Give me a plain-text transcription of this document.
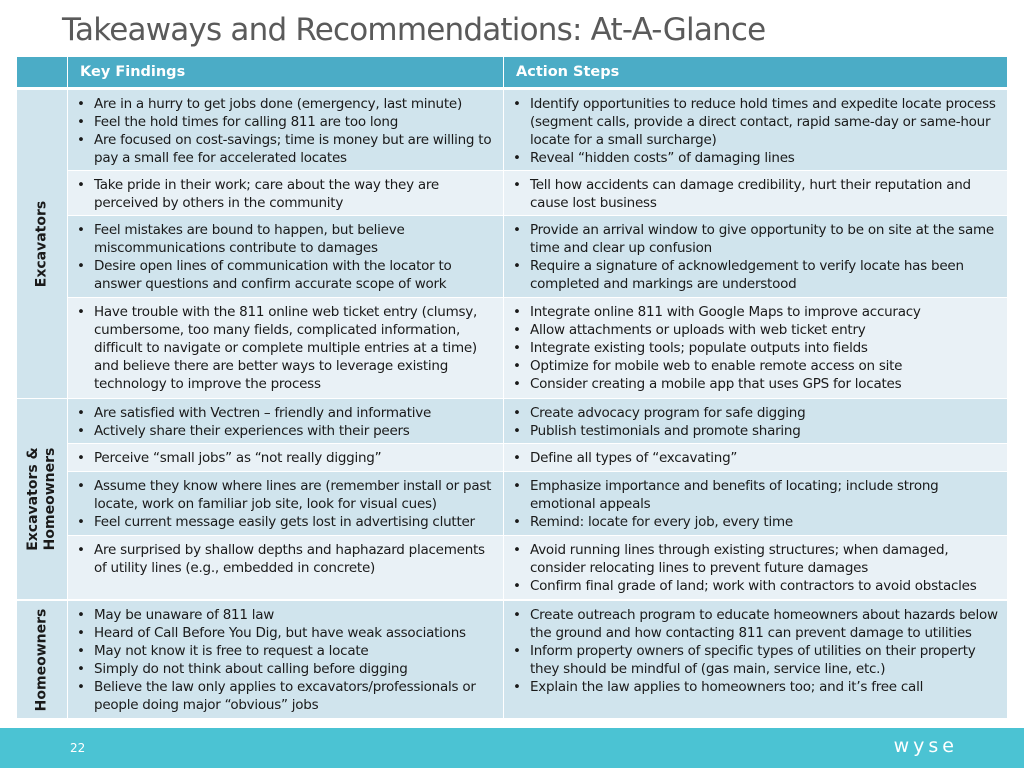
Takeaways and Recommendations: At-A-Glance
Key Findings	Action Steps
Excavators
Excavators & Homeowners
Homeowners
• Are in a hurry to get jobs done (emergency, last minute)
• Feel the hold times for calling 811 are too long
• Are focused on cost-savings; time is money but are willing to pay a small fee for accelerated locates
• Identify opportunities to reduce hold times and expedite locate process (segment calls, provide a direct contact, rapid same-day or same-hour locate for a small surcharge)
• Reveal “hidden costs” of damaging lines
• Take pride in their work; care about the way they are perceived by others in the community
• Tell how accidents can damage credibility, hurt their reputation and cause lost business
• Feel mistakes are bound to happen, but believe miscommunications contribute to damages
• Desire open lines of communication with the locator to answer questions and confirm accurate scope of work
• Provide an arrival window to give opportunity to be on site at the same time and clear up confusion
• Require a signature of acknowledgement to verify locate has been completed and markings are understood
• Have trouble with the 811 online web ticket entry (clumsy, cumbersome, too many fields, complicated information, difficult to navigate or complete multiple entries at a time) and believe there are better ways to leverage existing technology to improve the process
• Integrate online 811 with Google Maps to improve accuracy
• Allow attachments or uploads with web ticket entry
• Integrate existing tools; populate outputs into fields
• Optimize for mobile web to enable remote access on site
• Consider creating a mobile app that uses GPS for locates
• Are satisfied with Vectren – friendly and informative
• Actively share their experiences with their peers
• Create advocacy program for safe digging
• Publish testimonials and promote sharing
• Perceive “small jobs” as “not really digging”
•	Define all types of “excavating”
• Assume they know where lines are (remember install or past locate, work on familiar job site, look for visual cues)
• Feel current message easily gets lost in advertising clutter
• Emphasize importance and benefits of locating; include strong emotional appeals
• Remind: locate for every job, every time
• Are surprised by shallow depths and haphazard placements of utility lines (e.g., embedded in concrete)
• Avoid running lines through existing structures; when damaged, consider relocating lines to prevent future damages
• Confirm final grade of land; work with contractors to avoid obstacles
• May be unaware of 811 law
• Heard of Call Before You Dig, but have weak associations
• May not know it is free to request a locate
• Simply do not think about calling before digging
• Believe the law only applies to excavators/professionals or people doing major “obvious” jobs
• Create outreach program to educate homeowners about hazards below the ground and how contacting 811 can prevent damage to utilities
• Inform property owners of specific types of utilities on their property they should be mindful of (gas main, service line, etc.)
• Explain the law applies to homeowners too; and it’s free call
22	wyse
